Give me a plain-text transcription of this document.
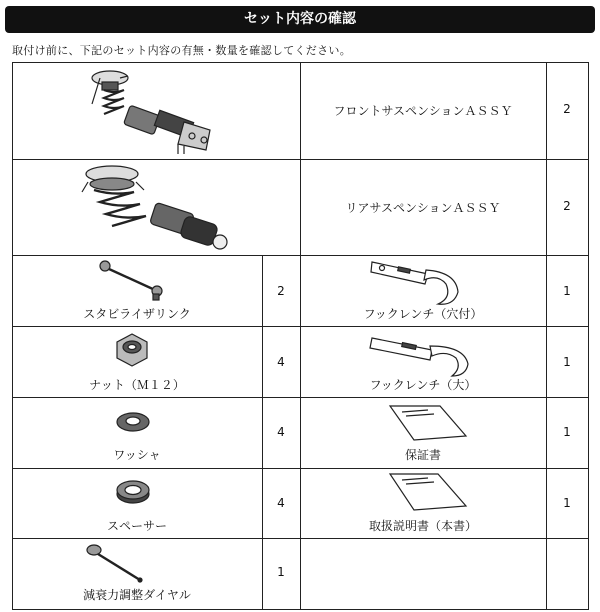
セット内容の確認
取付け前に、下記のセット内容の有無・数量を確認してください。
フロントサスペンションＡＳＳＹ	2
リアサスペンションＡＳＳＹ	2
スタビライザリンク
2
フックレンチ（穴付）
1
ナット（Ｍ１２）
4
フックレンチ（大）
1
ワッシャ
4
保証書
1
スペーサー
4
取扱説明書（本書）
1
減衰力調整ダイヤル
1
